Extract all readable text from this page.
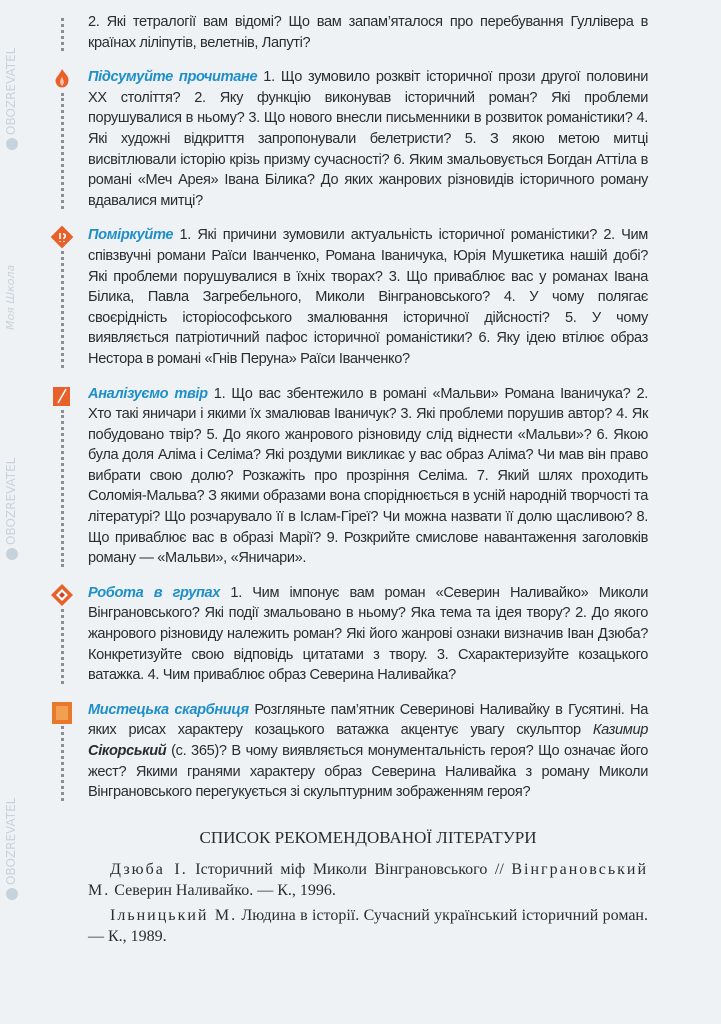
OBOZREVATEL
Моя Школа
OBOZREVATEL
OBOZREVATEL

2. Які тетралогії вам відомі? Що вам запам’яталося про перебування Гуллівера в країнах ліліпутів, велетнів, Лапуті?

Підсумуйте прочитане 1. Що зумовило розквіт історичної прози другої половини XX століття? 2. Яку функцію виконував історичний роман? Які проблеми порушувалися в ньому? 3. Що нового внесли письменники в розвиток романістики? 4. Які художні відкриття запропонували белетристи? 5. З якою метою митці висвітлювали історію крізь призму сучасності? 6. Яким змальовується Богдан Аттіла в романі «Меч Арея» Івана Білика? До яких жанрових різновидів історичного роману вдавалися митці?

Поміркуйте 1. Які причини зумовили актуальність історичної романістики? 2. Чим співзвучні романи Раїси Іванченко, Романа Іваничука, Юрія Мушкетика нашій добі? Які проблеми порушувалися в їхніх творах? 3. Що приваблює вас у романах Івана Білика, Павла Загребельного, Миколи Вінграновського? 4. У чому полягає своєрідність історіософського змалювання історичної дійсності? 5. У чому виявляється патріотичний пафос історичної романістики? 6. Яку ідею втілює образ Нестора в романі «Гнів Перуна» Раїси Іванченко?

Аналізуємо твір 1. Що вас збентежило в романі «Мальви» Романа Іваничука? 2. Хто такі яничари і якими їх змалював Іваничук? 3. Які проблеми порушив автор? 4. Як побудовано твір? 5. До якого жанрового різновиду слід віднести «Мальви»? 6. Якою була доля Аліма і Селіма? Які роздуми викликає у вас образ Аліма? Чи мав він право вибрати свою долю? Розкажіть про прозріння Селіма. 7. Який шлях проходить Соломія-Мальва? З якими образами вона споріднюється в усній народній творчості та літературі? Що розчарувало її в Іслам-Гіреї? Чи можна назвати її долю щасливою? 8. Що приваблює вас в образі Марії? 9. Розкрийте смислове навантаження заголовків роману — «Мальви», «Яничари».

Робота в групах 1. Чим імпонує вам роман «Северин Наливайко» Миколи Вінграновського? Які події змальовано в ньому? Яка тема та ідея твору? 2. До якого жанрового різновиду належить роман? Які його жанрові ознаки визначив Іван Дзюба? Конкретизуйте свою відповідь цитатами з твору. 3. Схарактеризуйте козацького ватажка. 4. Чим приваблює образ Северина Наливайка?

Мистецька скарбниця Розгляньте пам’ятник Северинові Наливайку в Гусятині. На яких рисах характеру козацького ватажка акцентує увагу скульптор Казимир Сікорський (с. 365)? В чому виявляється монументальність героя? Що означає його жест? Якими гранями характеру образ Северина Наливайка з роману Миколи Вінграновського перегукується зі скульптурним зображенням героя?

СПИСОК РЕКОМЕНДОВАНОЇ ЛІТЕРАТУРИ
Дзюба І. Історичний міф Миколи Вінграновського // Вінграновський М. Северин Наливайко. — К., 1996.
Ільницький М. Людина в історії. Сучасний український історичний роман. — К., 1989.
